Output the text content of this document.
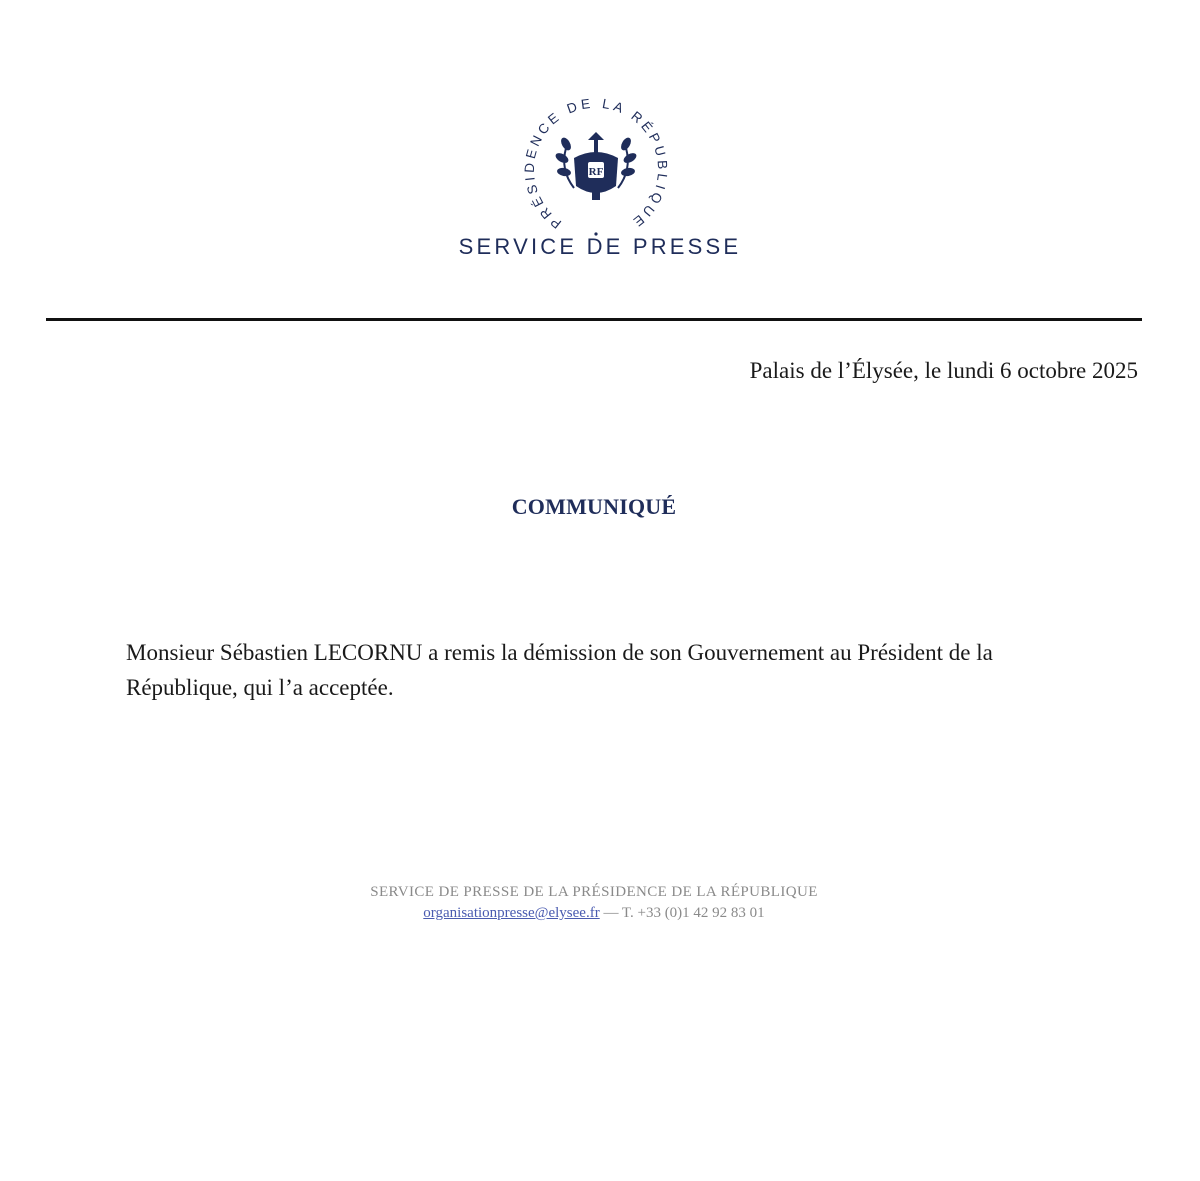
PRÉSIDENCE DE LA RÉPUBLIQUE
RF
SERVICE DE PRESSE
Palais de l’Élysée, le lundi 6 octobre 2025
COMMUNIQUÉ

Monsieur Sébastien LECORNU a remis la démission de son Gouvernement au Président de la République, qui l’a acceptée.

SERVICE DE PRESSE DE LA PRÉSIDENCE DE LA RÉPUBLIQUE
organisationpresse@elysee.fr — T. +33 (0)1 42 92 83 01
